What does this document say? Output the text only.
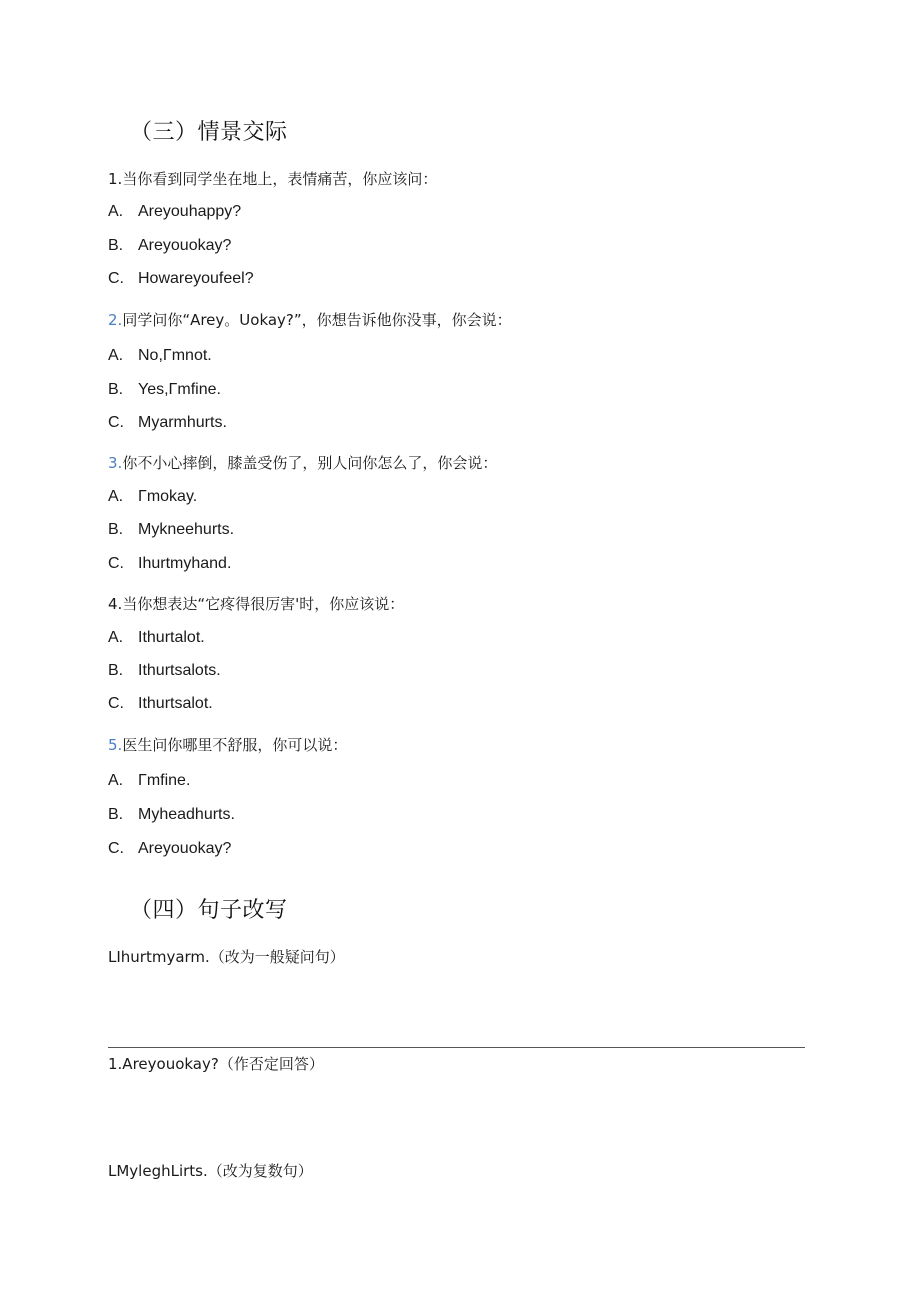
（三）情景交际
1.当你看到同学坐在地上，表情痛苦，你应该问：
A. Areyouhappy?
B. Areyouokay?
C. Howareyoufeel?
2.同学问你“Arey。Uokay?”，你想告诉他你没事，你会说：
A. No,Γmnot.
B. Yes,Γmfine.
C. Myarmhurts.
3.你不小心摔倒，膝盖受伤了，别人问你怎么了，你会说：
A. Γmokay.
B. Mykneehurts.
C. Ihurtmyhand.
4.当你想表达“它疼得很厉害'时，你应该说：
A. Ithurtalot.
B. Ithurtsalots.
C. Ithurtsalot.
5.医生问你哪里不舒服，你可以说：
A. Γmfine.
B. Myheadhurts.
C. Areyouokay?
（四）句子改写
LIhurtmyarm.（改为一般疑问句）
1.Areyouokay?（作否定回答）
LMyleghLirts.（改为复数句）
